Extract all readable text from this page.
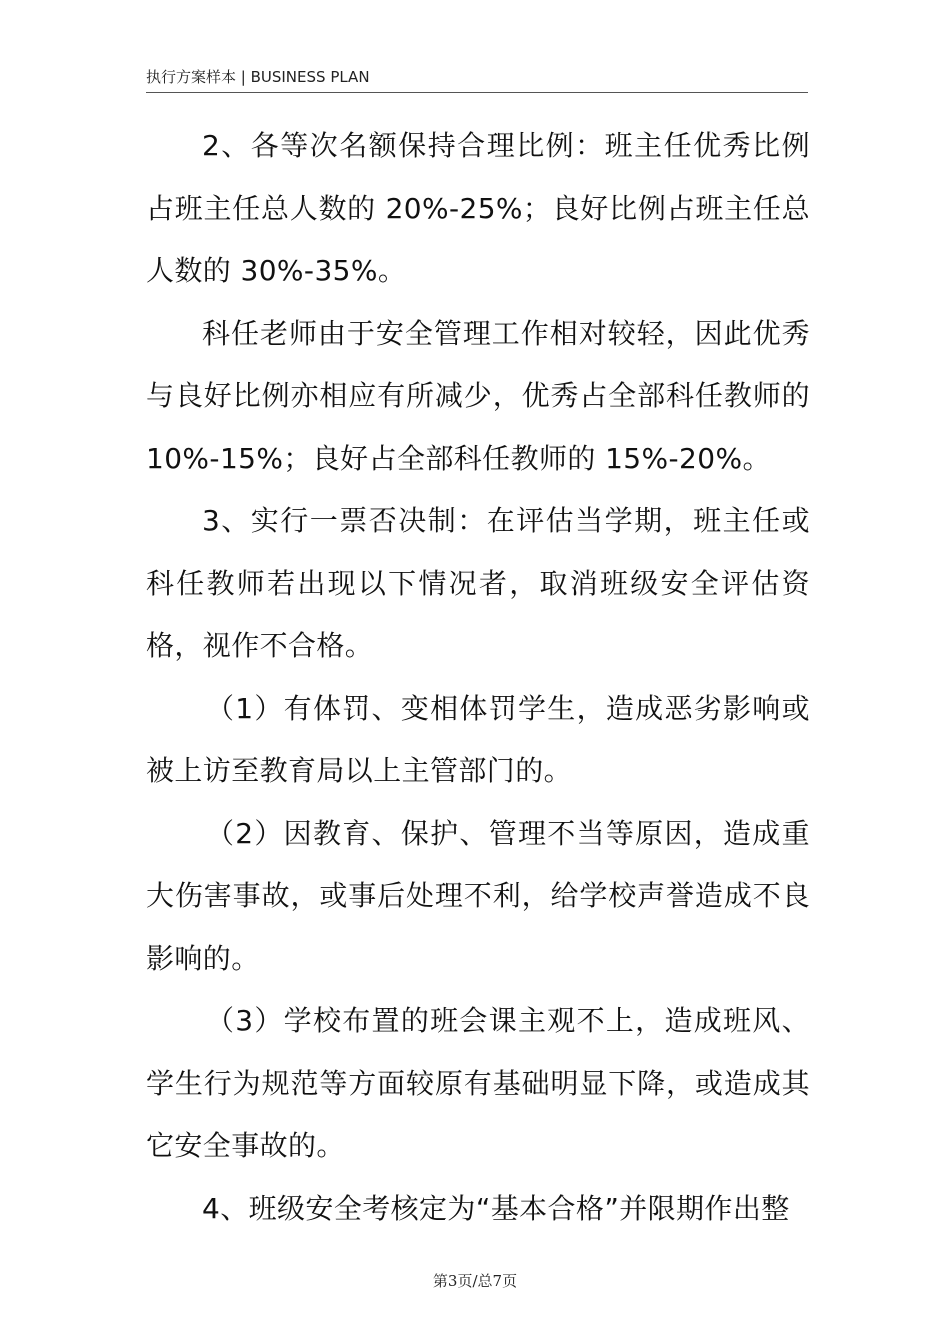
执行方案样本 | BUSINESS PLAN

2、各等次名额保持合理比例：班主任优秀比例占班主任总人数的 20%-25%；良好比例占班主任总人数的 30%-35%。

科任老师由于安全管理工作相对较轻，因此优秀与良好比例亦相应有所减少，优秀占全部科任教师的 10%-15%；良好占全部科任教师的 15%-20%。

3、实行一票否决制：在评估当学期，班主任或科任教师若出现以下情况者，取消班级安全评估资格，视作不合格。

（1）有体罚、变相体罚学生，造成恶劣影响或被上访至教育局以上主管部门的。

（2）因教育、保护、管理不当等原因，造成重大伤害事故，或事后处理不利，给学校声誉造成不良影响的。

（3）学校布置的班会课主观不上，造成班风、学生行为规范等方面较原有基础明显下降，或造成其它安全事故的。

4、班级安全考核定为“基本合格”并限期作出整

第3页/总7页
